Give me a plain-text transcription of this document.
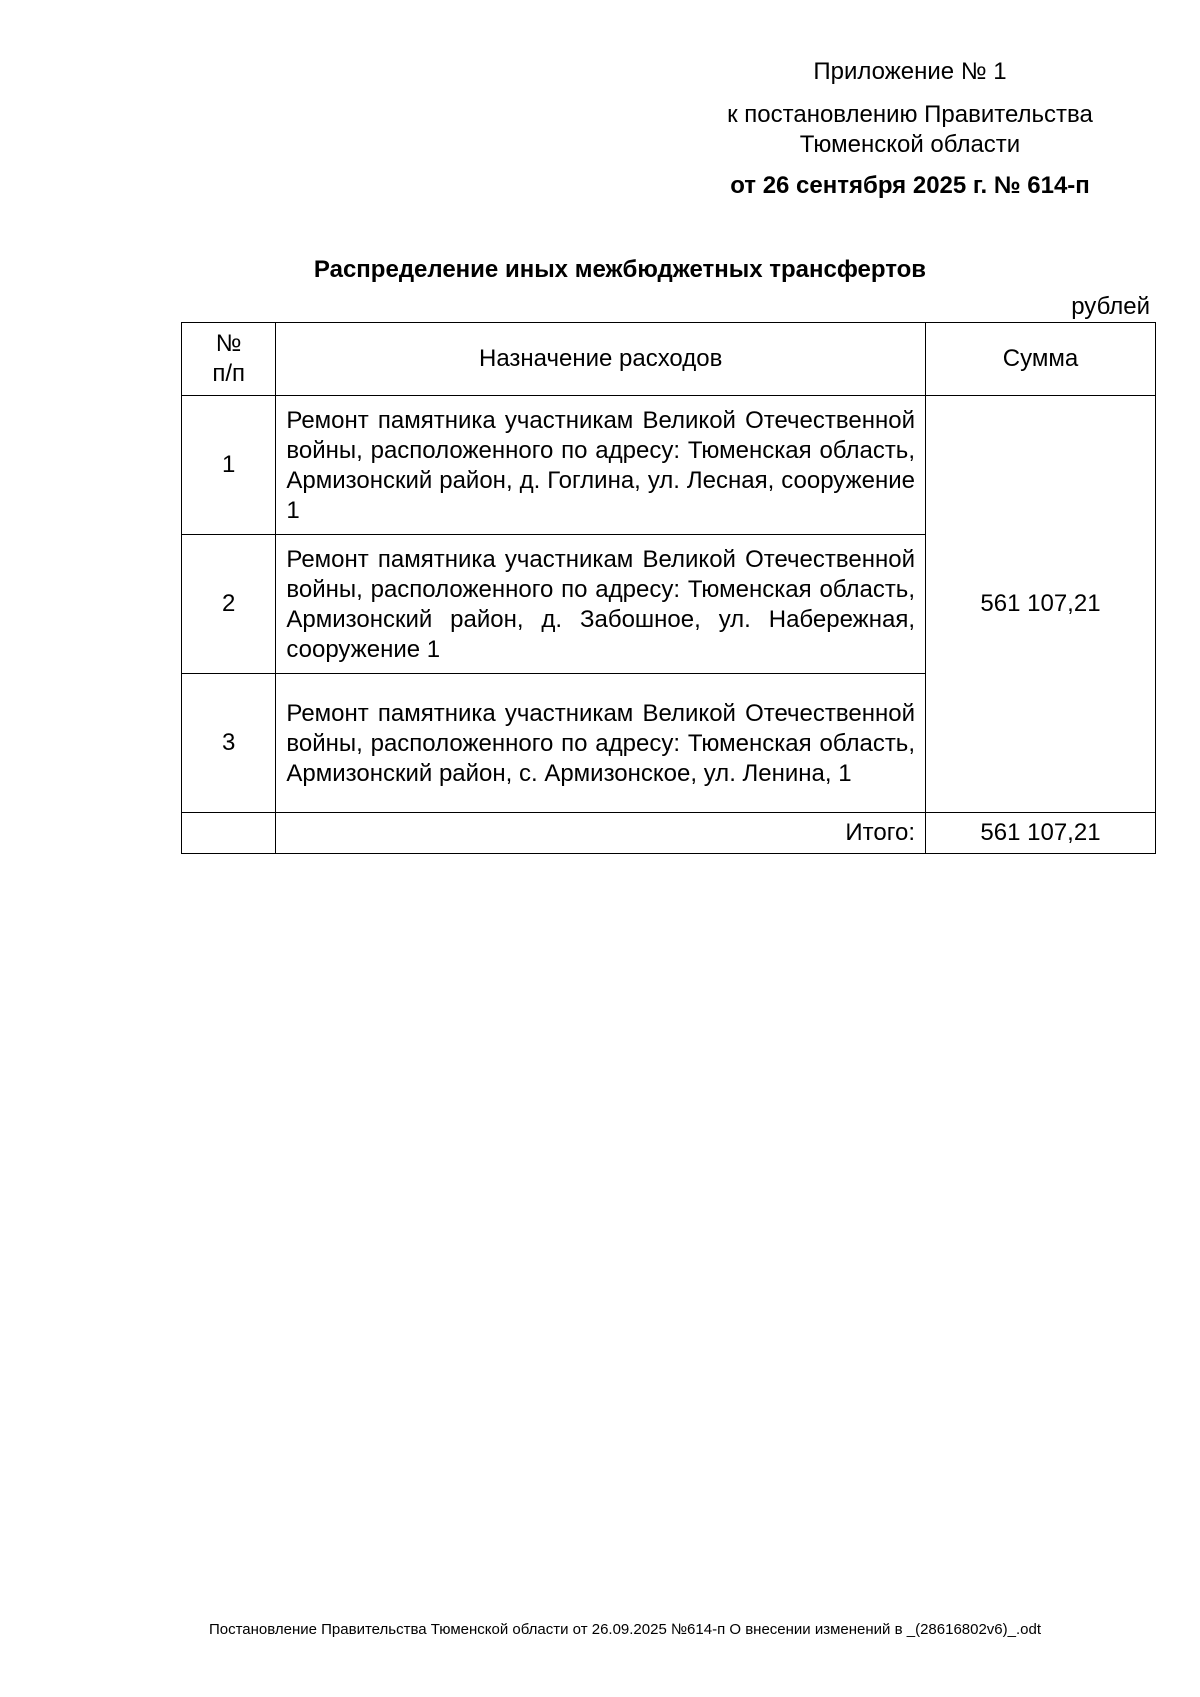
Приложение № 1
к постановлению Правительства
Тюменской области
от 26 сентября 2025 г. № 614-п
Распределение иных межбюджетных трансфертов
рублей
№
п/п	Назначение расходов	Сумма
1	Ремонт памятника участникам Великой Отечественной войны, расположенного по адресу: Тюменская область, Армизонский район, д. Гоглина, ул. Лесная, сооружение 1	561 107,21
2	Ремонт памятника участникам Великой Отечественной войны, расположенного по адресу: Тюменская область, Армизонский район, д. Забошное, ул. Набережная, сооружение 1	
3	Ремонт памятника участникам Великой Отечественной войны, расположенного по адресу: Тюменская область, Армизонский район, с. Армизонское, ул. Ленина, 1	
	Итого:	561 107,21
Постановление Правительства Тюменской области от 26.09.2025 №614-п О внесении изменений в _(28616802v6)_.odt
